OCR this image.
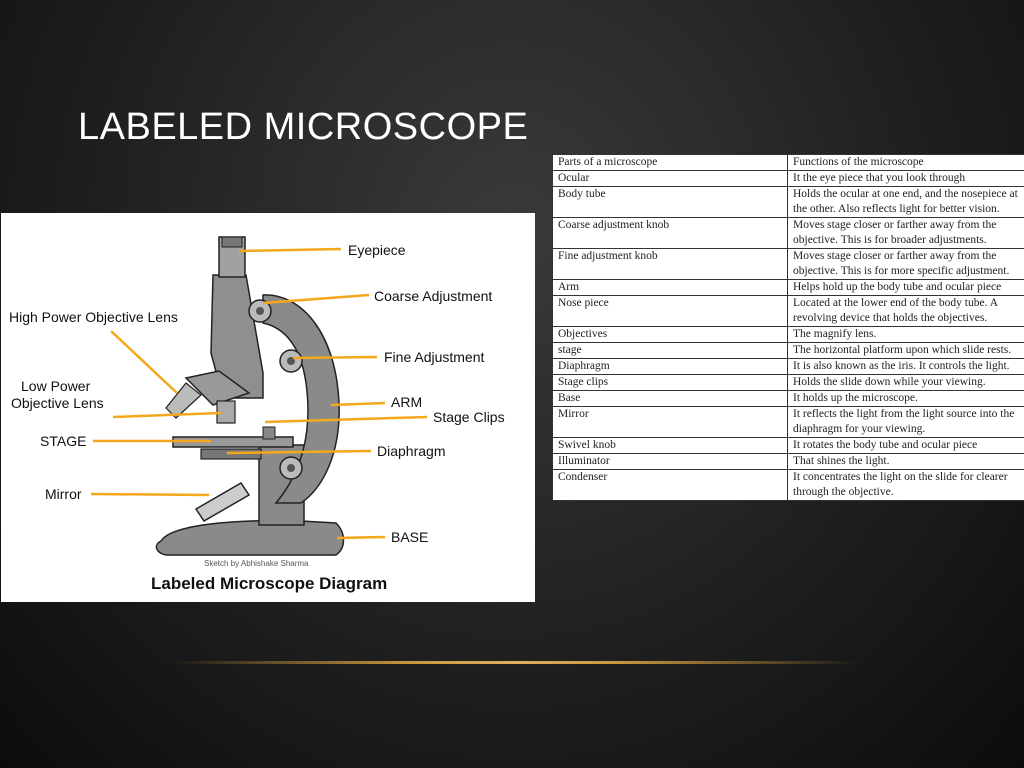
LABELED MICROSCOPE
Eyepiece
Coarse Adjustment
High Power Objective Lens
Fine Adjustment
Low Power
Objective Lens	ARM
Stage Clips
STAGE
Diaphragm
Mirror
BASE
Sketch by Abhishake Sharma
Labeled Microscope Diagram
Parts of a microscope	Functions of the microscope
Ocular	It the eye piece that you look through
Body tube	Holds the ocular at one end, and the nosepiece at the other. Also reflects light for better vision.
Coarse adjustment knob	Moves stage closer or farther away from the objective. This is for broader adjustments.
Fine adjustment knob	Moves stage closer or farther away from the objective. This is for more specific adjustment.
Arm	Helps hold up the body tube and ocular piece
Nose piece	Located at the lower end of the body tube. A revolving device that holds the objectives.
Objectives	The magnify lens.
stage	The horizontal platform upon which slide rests.
Diaphragm	It is also known as the iris. It controls the light.
Stage clips	Holds the slide down while your viewing.
Base	It holds up the microscope.
Mirror	It reflects the light from the light source into the diaphragm for your viewing.
Swivel knob	It rotates the body tube and ocular piece
Illuminator	That shines the light.
Condenser	It concentrates the light on the slide for clearer through the objective.
